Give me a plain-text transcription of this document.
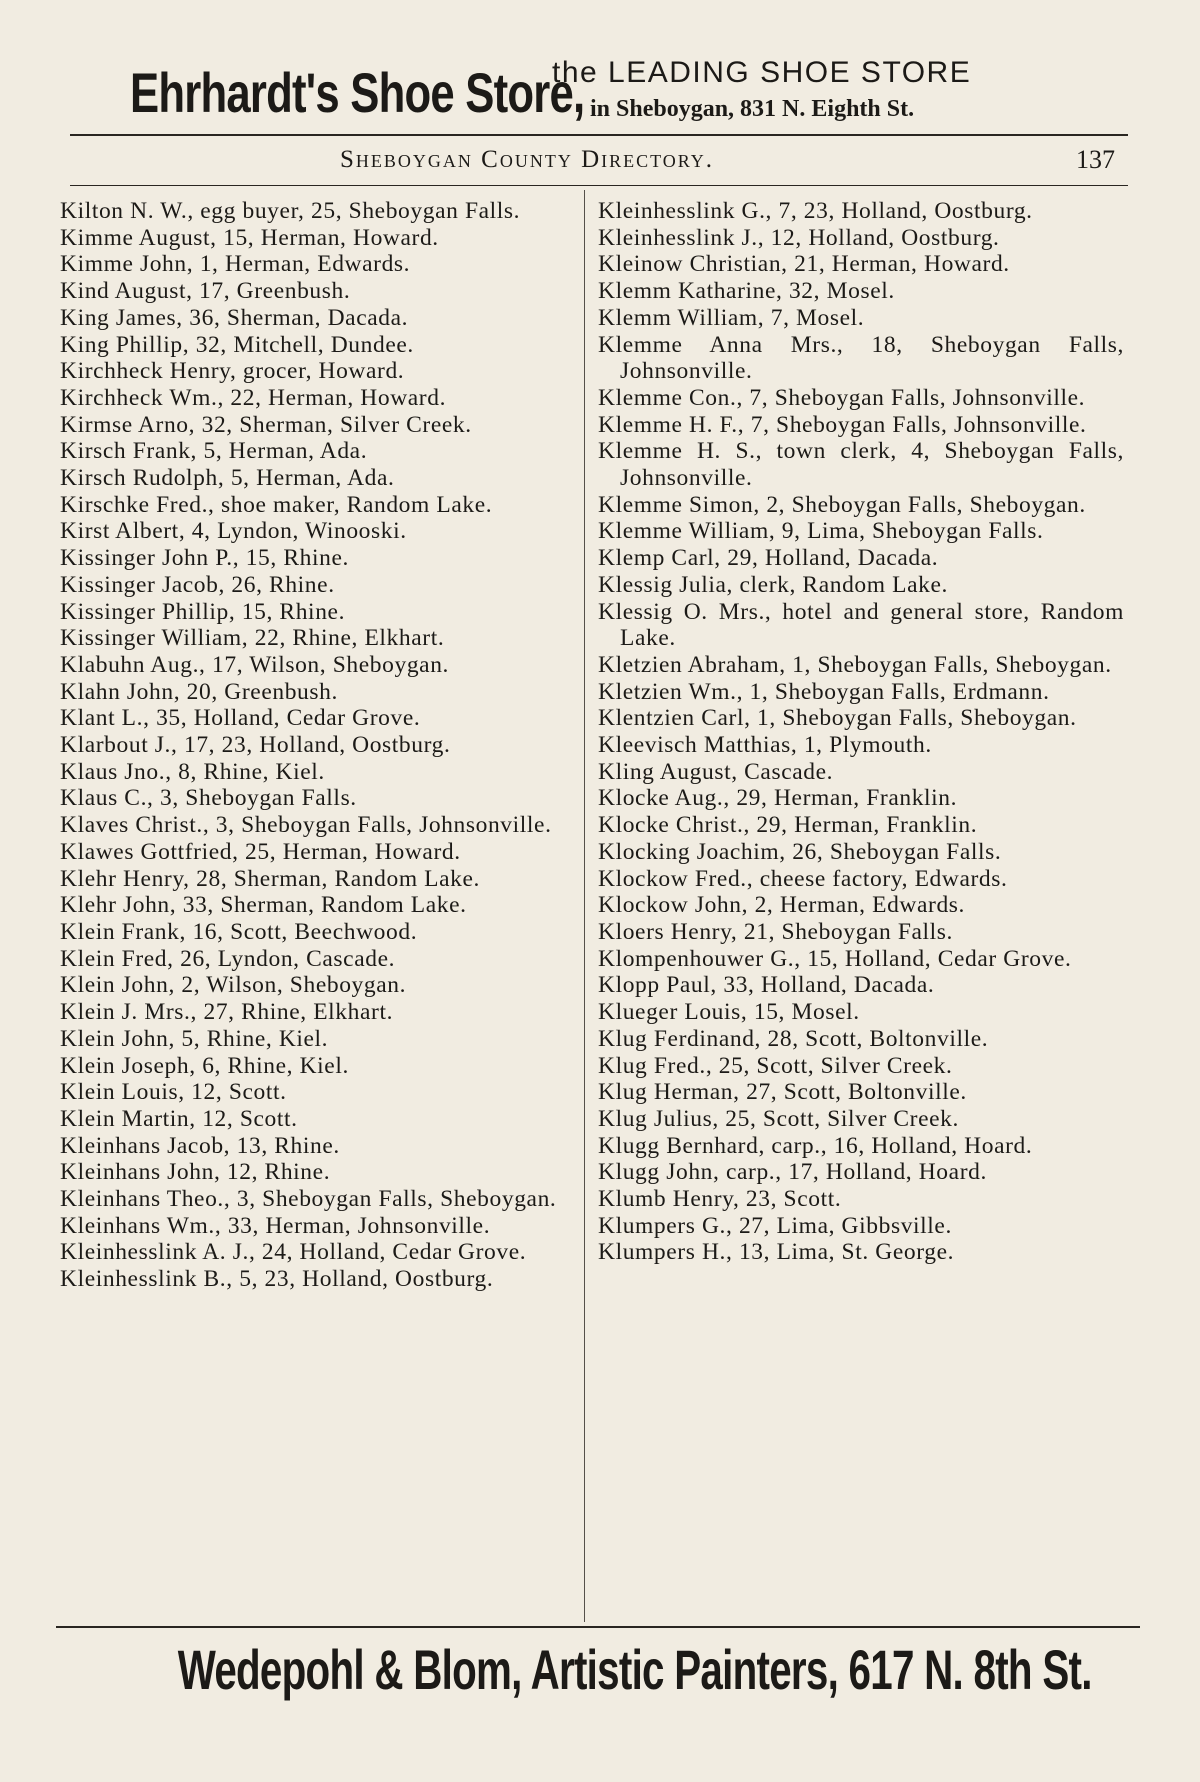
Ehrhardt's Shoe Store,
the LEADING SHOE STORE
in Sheboygan, 831 N. Eighth St.
Sheboygan County Directory.	137

Kilton N. W., egg buyer, 25, Sheboygan Falls.

Kimme August, 15, Herman, Howard.

Kimme John, 1, Herman, Edwards.

Kind August, 17, Greenbush.

King James, 36, Sherman, Dacada.

King Phillip, 32, Mitchell, Dundee.

Kirchheck Henry, grocer, Howard.

Kirchheck Wm., 22, Herman, Howard.

Kirmse Arno, 32, Sherman, Silver Creek.

Kirsch Frank, 5, Herman, Ada.

Kirsch Rudolph, 5, Herman, Ada.

Kirschke Fred., shoe maker, Random Lake.

Kirst Albert, 4, Lyndon, Winooski.

Kissinger John P., 15, Rhine.

Kissinger Jacob, 26, Rhine.

Kissinger Phillip, 15, Rhine.

Kissinger William, 22, Rhine, Elkhart.

Klabuhn Aug., 17, Wilson, Sheboygan.

Klahn John, 20, Greenbush.

Klant L., 35, Holland, Cedar Grove.

Klarbout J., 17, 23, Holland, Oostburg.

Klaus Jno., 8, Rhine, Kiel.

Klaus C., 3, Sheboygan Falls.

Klaves Christ., 3, Sheboygan Falls, Johnsonville.

Klawes Gottfried, 25, Herman, Howard.

Klehr Henry, 28, Sherman, Random Lake.

Klehr John, 33, Sherman, Random Lake.

Klein Frank, 16, Scott, Beechwood.

Klein Fred, 26, Lyndon, Cascade.

Klein John, 2, Wilson, Sheboygan.

Klein J. Mrs., 27, Rhine, Elkhart.

Klein John, 5, Rhine, Kiel.

Klein Joseph, 6, Rhine, Kiel.

Klein Louis, 12, Scott.

Klein Martin, 12, Scott.

Kleinhans Jacob, 13, Rhine.

Kleinhans John, 12, Rhine.

Kleinhans Theo., 3, Sheboygan Falls, Sheboygan.

Kleinhans Wm., 33, Herman, Johnsonville.

Kleinhesslink A. J., 24, Holland, Cedar Grove.

Kleinhesslink B., 5, 23, Holland, Oostburg.

Kleinhesslink G., 7, 23, Holland, Oostburg.

Kleinhesslink J., 12, Holland, Oostburg.

Kleinow Christian, 21, Herman, Howard.

Klemm Katharine, 32, Mosel.

Klemm William, 7, Mosel.

Klemme Anna Mrs., 18, Sheboygan Falls, Johnsonville.

Klemme Con., 7, Sheboygan Falls, Johnsonville.

Klemme H. F., 7, Sheboygan Falls, Johnsonville.

Klemme H. S., town clerk, 4, Sheboygan Falls, Johnsonville.

Klemme Simon, 2, Sheboygan Falls, Sheboygan.

Klemme William, 9, Lima, Sheboygan Falls.

Klemp Carl, 29, Holland, Dacada.

Klessig Julia, clerk, Random Lake.

Klessig O. Mrs., hotel and general store, Random Lake.

Kletzien Abraham, 1, Sheboygan Falls, Sheboygan.

Kletzien Wm., 1, Sheboygan Falls, Erdmann.

Klentzien Carl, 1, Sheboygan Falls, Sheboygan.

Kleevisch Matthias, 1, Plymouth.

Kling August, Cascade.

Klocke Aug., 29, Herman, Franklin.

Klocke Christ., 29, Herman, Franklin.

Klocking Joachim, 26, Sheboygan Falls.

Klockow Fred., cheese factory, Edwards.

Klockow John, 2, Herman, Edwards.

Kloers Henry, 21, Sheboygan Falls.

Klompenhouwer G., 15, Holland, Cedar Grove.

Klopp Paul, 33, Holland, Dacada.

Klueger Louis, 15, Mosel.

Klug Ferdinand, 28, Scott, Boltonville.

Klug Fred., 25, Scott, Silver Creek.

Klug Herman, 27, Scott, Boltonville.

Klug Julius, 25, Scott, Silver Creek.

Klugg Bernhard, carp., 16, Holland, Hoard.

Klugg John, carp., 17, Holland, Hoard.

Klumb Henry, 23, Scott.

Klumpers G., 27, Lima, Gibbsville.

Klumpers H., 13, Lima, St. George.

Wedepohl & Blom, Artistic Painters, 617 N. 8th St.
